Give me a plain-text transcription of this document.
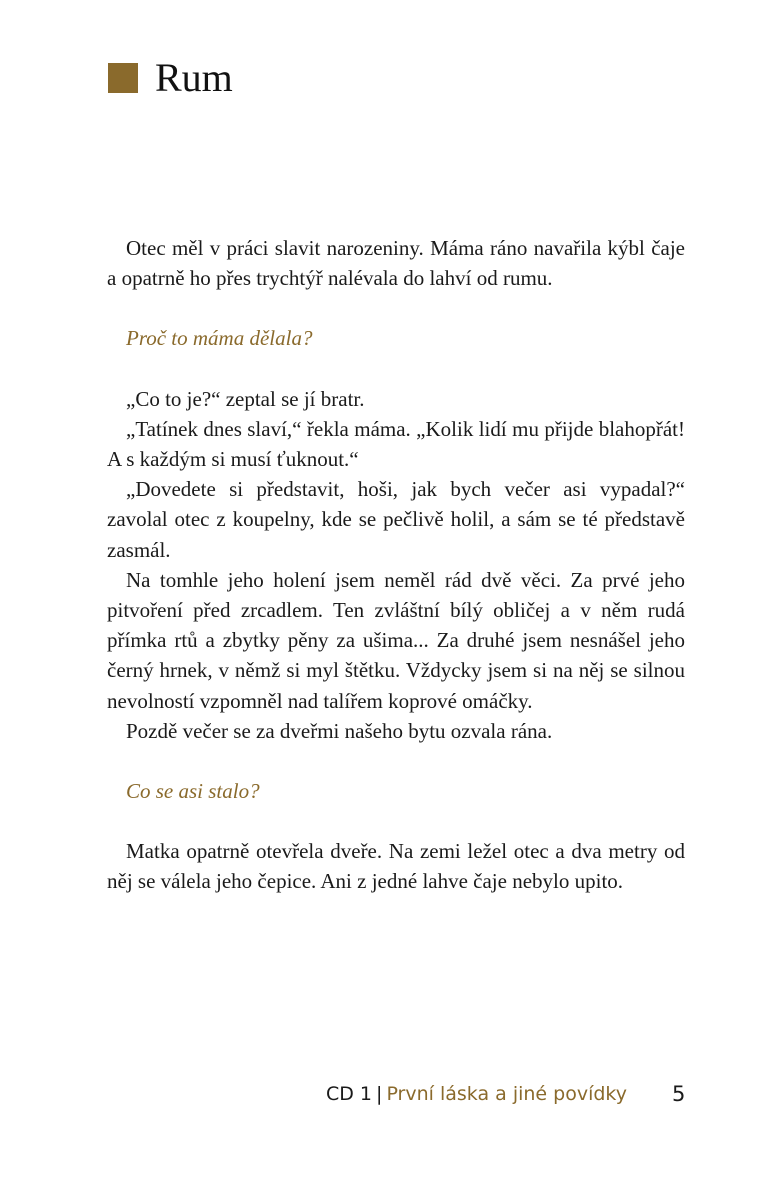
Rum

Otec měl v práci slavit narozeniny. Máma ráno navařila kýbl čaje a opatrně ho přes trychtýř nalévala do lahví od rumu.

Proč to máma dělala?

„Co to je?“ zeptal se jí bratr.

„Tatínek dnes slaví,“ řekla máma. „Kolik lidí mu přijde blahopřát! A s každým si musí ťuknout.“

„Dovedete si představit, hoši, jak bych večer asi vypadal?“ zavolal otec z koupelny, kde se pečlivě holil, a sám se té představě zasmál.

Na tomhle jeho holení jsem neměl rád dvě věci. Za prvé jeho pitvoření před zrcadlem. Ten zvláštní bílý obličej a v něm rudá přímka rtů a zbytky pěny za ušima... Za druhé jsem nesnášel jeho černý hrnek, v němž si myl štětku. Vždycky jsem si na něj se silnou nevolností vzpomněl nad talířem koprové omáčky.

Pozdě večer se za dveřmi našeho bytu ozvala rána.

Co se asi stalo?

Matka opatrně otevřela dveře. Na zemi ležel otec a dva metry od něj se válela jeho čepice. Ani z jedné lahve čaje nebylo upito.

CD 1 | První láska a jiné povídky 5
